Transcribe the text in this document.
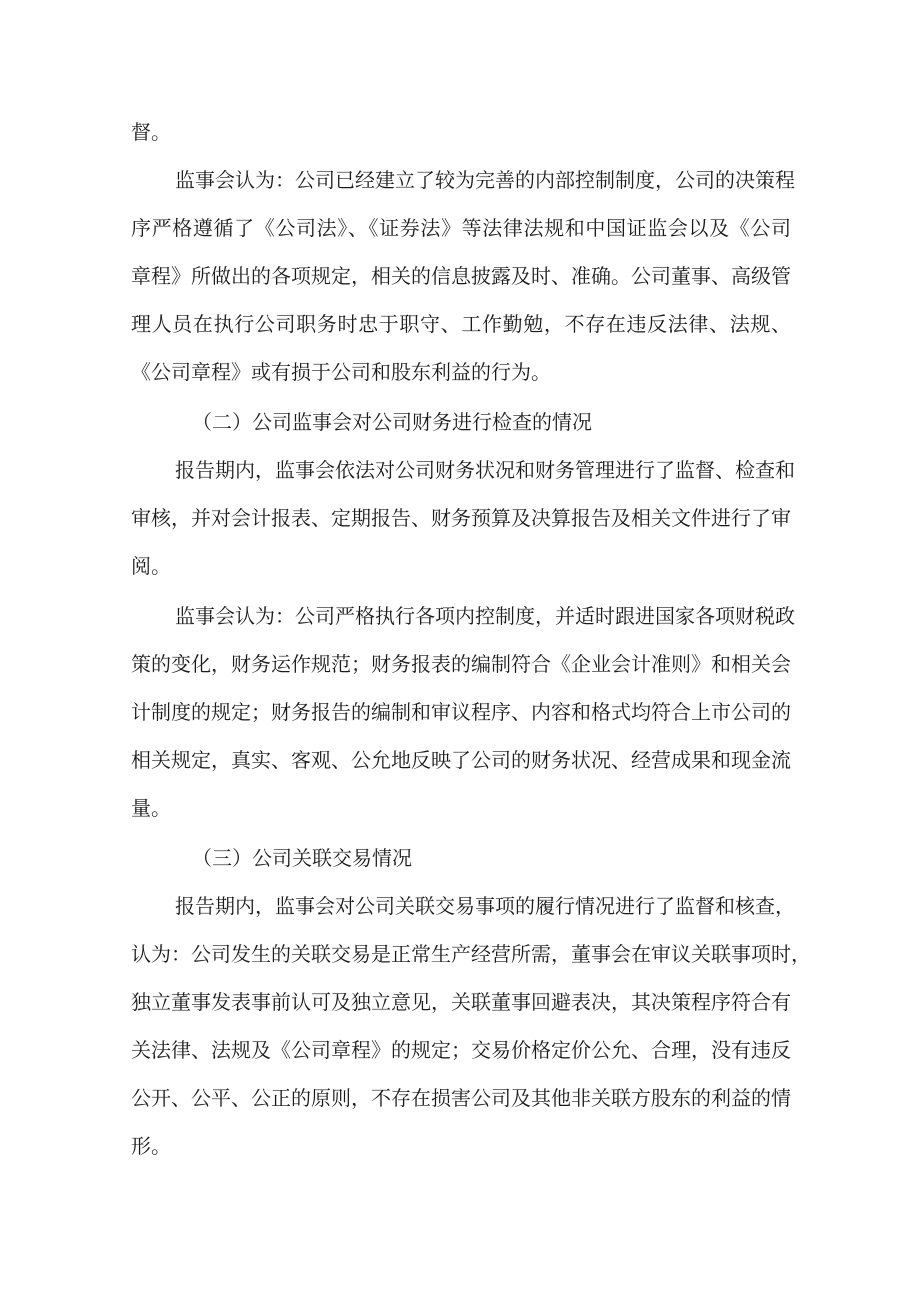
督。

监事会认为：公司已经建立了较为完善的内部控制制度，公司的决策程

序严格遵循了《公司法》、《证券法》等法律法规和中国证监会以及《公司

章程》所做出的各项规定，相关的信息披露及时、准确。公司董事、高级管

理人员在执行公司职务时忠于职守、工作勤勉，不存在违反法律、法规、

《公司章程》或有损于公司和股东利益的行为。

（二）公司监事会对公司财务进行检查的情况

报告期内，监事会依法对公司财务状况和财务管理进行了监督、检查和

审核，并对会计报表、定期报告、财务预算及决算报告及相关文件进行了审

阅。

监事会认为：公司严格执行各项内控制度，并适时跟进国家各项财税政

策的变化，财务运作规范；财务报表的编制符合《企业会计准则》和相关会

计制度的规定；财务报告的编制和审议程序、内容和格式均符合上市公司的

相关规定，真实、客观、公允地反映了公司的财务状况、经营成果和现金流

量。

（三）公司关联交易情况

报告期内，监事会对公司关联交易事项的履行情况进行了监督和核查，

认为：公司发生的关联交易是正常生产经营所需，董事会在审议关联事项时，

独立董事发表事前认可及独立意见，关联董事回避表决，其决策程序符合有

关法律、法规及《公司章程》的规定；交易价格定价公允、合理，没有违反

公开、公平、公正的原则，不存在损害公司及其他非关联方股东的利益的情

形。
